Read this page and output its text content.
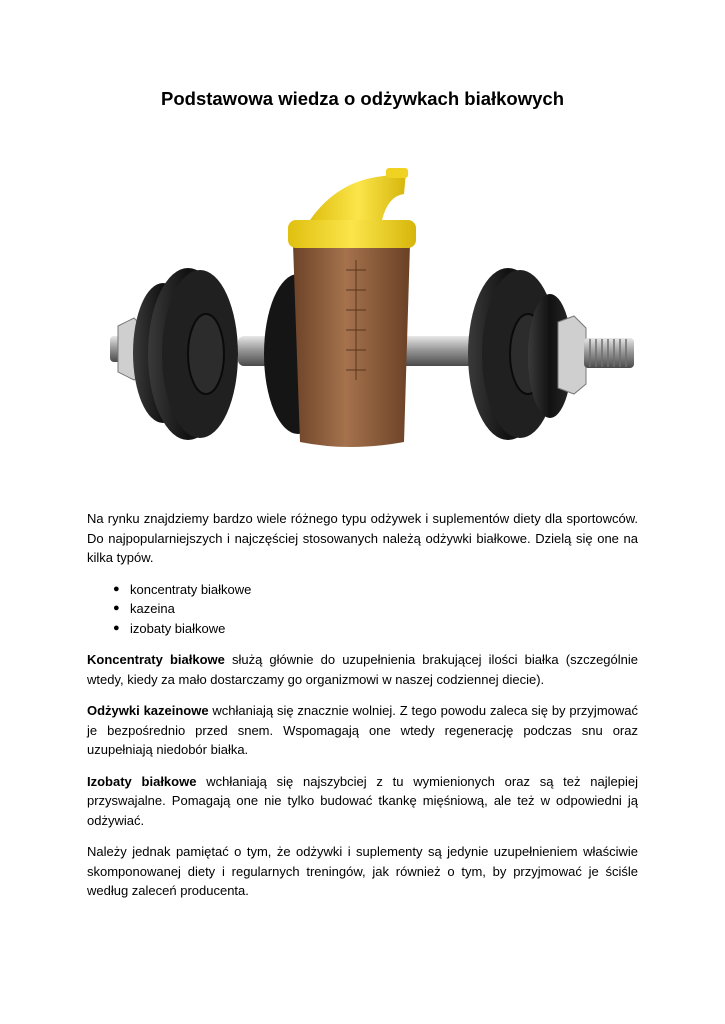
Podstawowa wiedza o odżywkach białkowych

Na rynku znajdziemy bardzo wiele różnego typu odżywek i suplementów diety dla sportowców. Do najpopularniejszych i najczęściej stosowanych należą odżywki białkowe. Dzielą się one na kilka typów.

● koncentraty białkowe
● kazeina
● izobaty białkowe

Koncentraty białkowe służą głównie do uzupełnienia brakującej ilości białka (szczególnie wtedy, kiedy za mało dostarczamy go organizmowi w naszej codziennej diecie).

Odżywki kazeinowe wchłaniają się znacznie wolniej. Z tego powodu zaleca się by przyjmować je bezpośrednio przed snem. Wspomagają one wtedy regenerację podczas snu oraz uzupełniają niedobór białka.

Izobaty białkowe wchłaniają się najszybciej z tu wymienionych oraz są też najlepiej przyswajalne. Pomagają one nie tylko budować tkankę mięśniową, ale też w odpowiedni ją odżywiać.

Należy jednak pamiętać o tym, że odżywki i suplementy są jedynie uzupełnieniem właściwie skomponowanej diety i regularnych treningów, jak również o tym, by przyjmować je ściśle według zaleceń producenta.
